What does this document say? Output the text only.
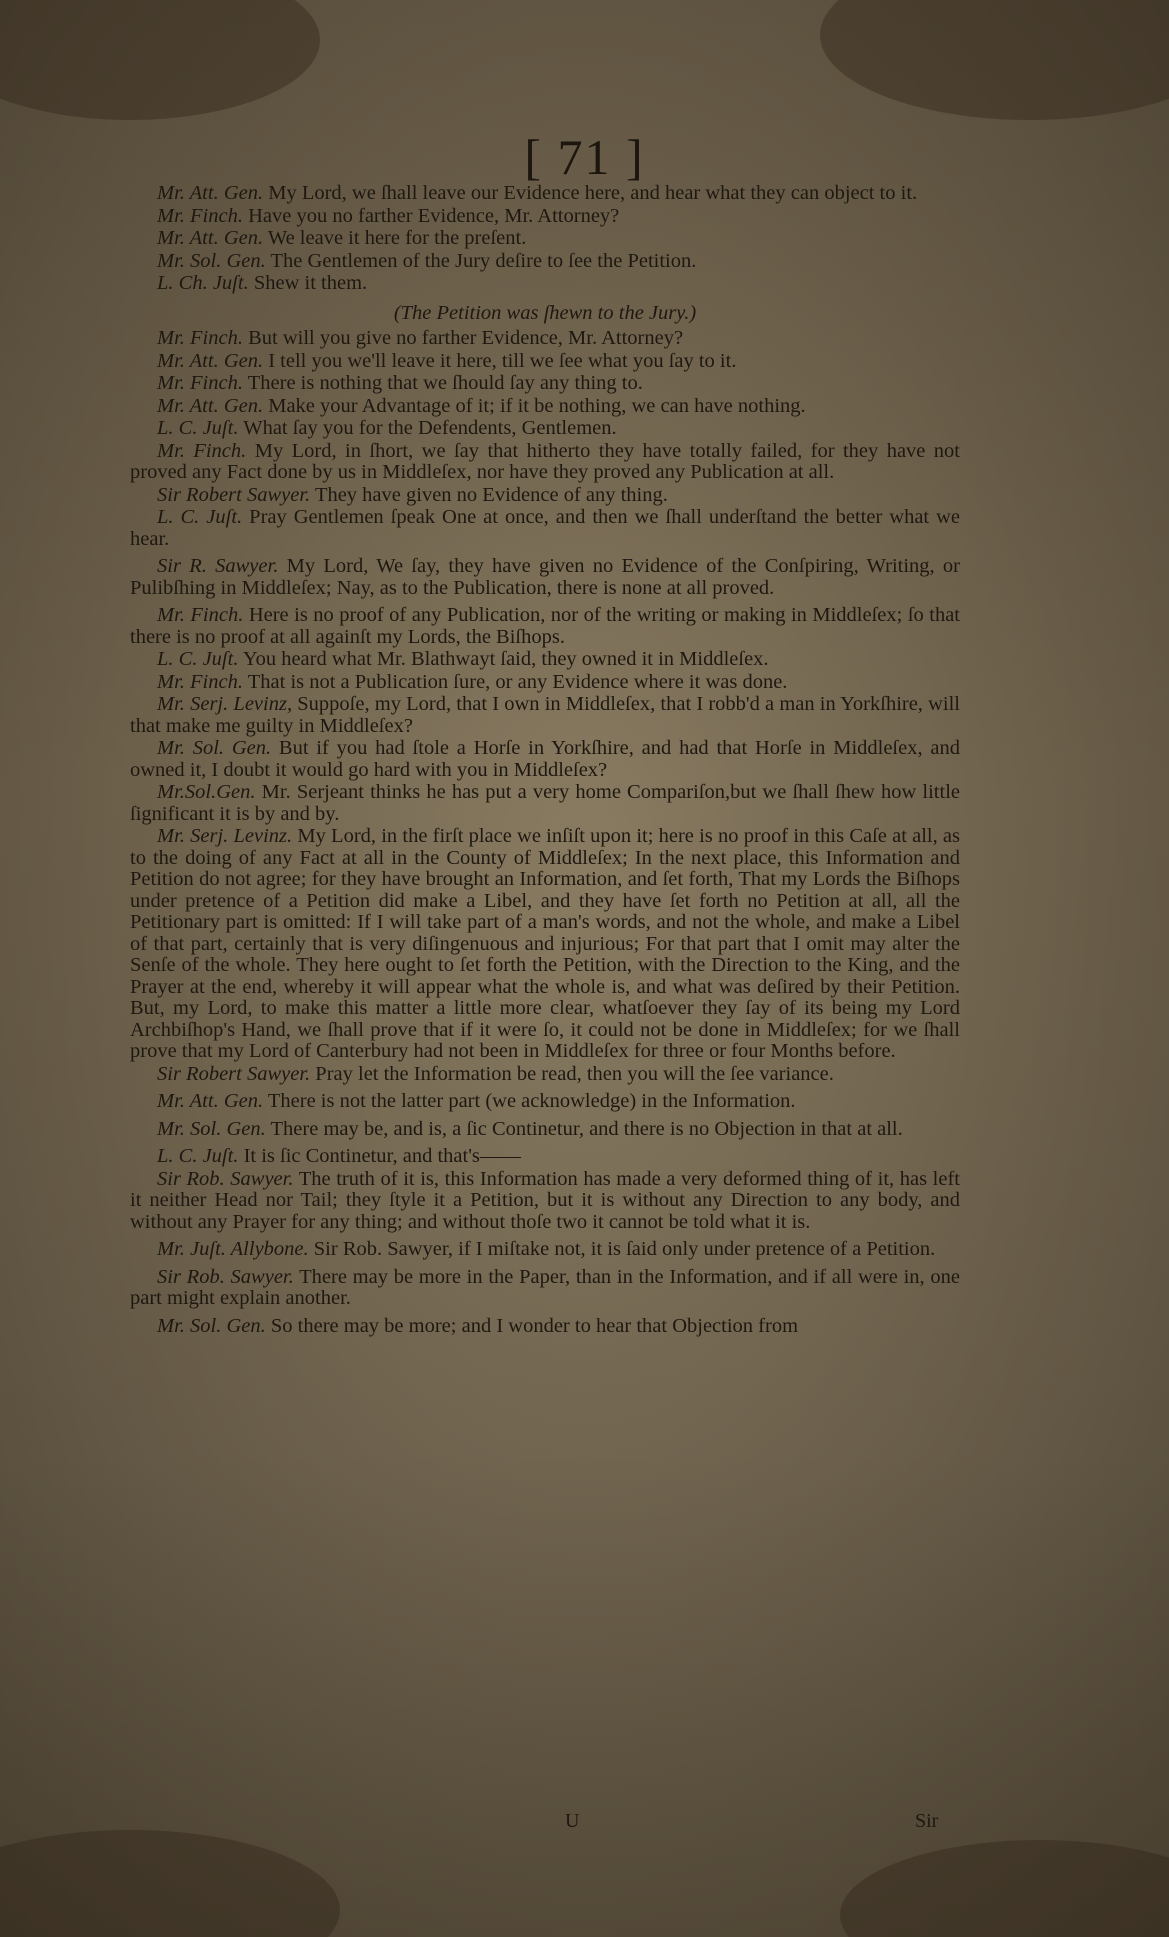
[ 71 ]

Mr. Att. Gen. My Lord, we ſhall leave our Evidence here, and hear what they can object to it.

Mr. Finch. Have you no farther Evidence, Mr. Attorney?

Mr. Att. Gen. We leave it here for the preſent.

Mr. Sol. Gen. The Gentlemen of the Jury deſire to ſee the Petition.

L. Ch. Juſt. Shew it them.

(The Petition was ſhewn to the Jury.)

Mr. Finch. But will you give no farther Evidence, Mr. Attorney?

Mr. Att. Gen. I tell you we'll leave it here, till we ſee what you ſay to it.

Mr. Finch. There is nothing that we ſhould ſay any thing to.

Mr. Att. Gen. Make your Advantage of it; if it be nothing, we can have nothing.

L. C. Juſt. What ſay you for the Defendents, Gentlemen.

Mr. Finch. My Lord, in ſhort, we ſay that hitherto they have totally failed, for they have not proved any Fact done by us in Middleſex, nor have they proved any Publication at all.

Sir Robert Sawyer. They have given no Evidence of any thing.

L. C. Juſt. Pray Gentlemen ſpeak One at once, and then we ſhall underſtand the better what we hear.

Sir R. Sawyer. My Lord, We ſay, they have given no Evidence of the Conſpiring, Writing, or Pulibſhing in Middleſex; Nay, as to the Publication, there is none at all proved.

Mr. Finch. Here is no proof of any Publication, nor of the writing or making in Middleſex; ſo that there is no proof at all againſt my Lords, the Biſhops.

L. C. Juſt. You heard what Mr. Blathwayt ſaid, they owned it in Middleſex.

Mr. Finch. That is not a Publication ſure, or any Evidence where it was done.

Mr. Serj. Levinz, Suppoſe, my Lord, that I own in Middleſex, that I robb'd a man in Yorkſhire, will that make me guilty in Middleſex?

Mr. Sol. Gen. But if you had ſtole a Horſe in Yorkſhire, and had that Horſe in Middleſex, and owned it, I doubt it would go hard with you in Middleſex?

Mr.Sol.Gen. Mr. Serjeant thinks he has put a very home Compariſon,but we ſhall ſhew how little ſignificant it is by and by.

Mr. Serj. Levinz. My Lord, in the firſt place we inſiſt upon it; here is no proof in this Caſe at all, as to the doing of any Fact at all in the County of Middleſex; In the next place, this Information and Petition do not agree; for they have brought an Information, and ſet forth, That my Lords the Biſhops under pretence of a Petition did make a Libel, and they have ſet forth no Petition at all, all the Petitionary part is omitted: If I will take part of a man's words, and not the whole, and make a Libel of that part, certainly that is very diſingenuous and injurious; For that part that I omit may alter the Senſe of the whole. They here ought to ſet forth the Petition, with the Direction to the King, and the Prayer at the end, whereby it will appear what the whole is, and what was deſired by their Petition. But, my Lord, to make this matter a little more clear, whatſoever they ſay of its being my Lord Archbiſhop's Hand, we ſhall prove that if it were ſo, it could not be done in Middleſex; for we ſhall prove that my Lord of Canterbury had not been in Middleſex for three or four Months before.

Sir Robert Sawyer. Pray let the Information be read, then you will the ſee variance.

Mr. Att. Gen. There is not the latter part (we acknowledge) in the Information.

Mr. Sol. Gen. There may be, and is, a ſic Continetur, and there is no Objection in that at all.

L. C. Juſt. It is ſic Continetur, and that's——

Sir Rob. Sawyer. The truth of it is, this Information has made a very deformed thing of it, has left it neither Head nor Tail; they ſtyle it a Petition, but it is without any Direction to any body, and without any Prayer for any thing; and without thoſe two it cannot be told what it is.

Mr. Juſt. Allybone. Sir Rob. Sawyer, if I miſtake not, it is ſaid only under pretence of a Petition.

Sir Rob. Sawyer. There may be more in the Paper, than in the Information, and if all were in, one part might explain another.

Mr. Sol. Gen. So there may be more; and I wonder to hear that Objection from

U	Sir
